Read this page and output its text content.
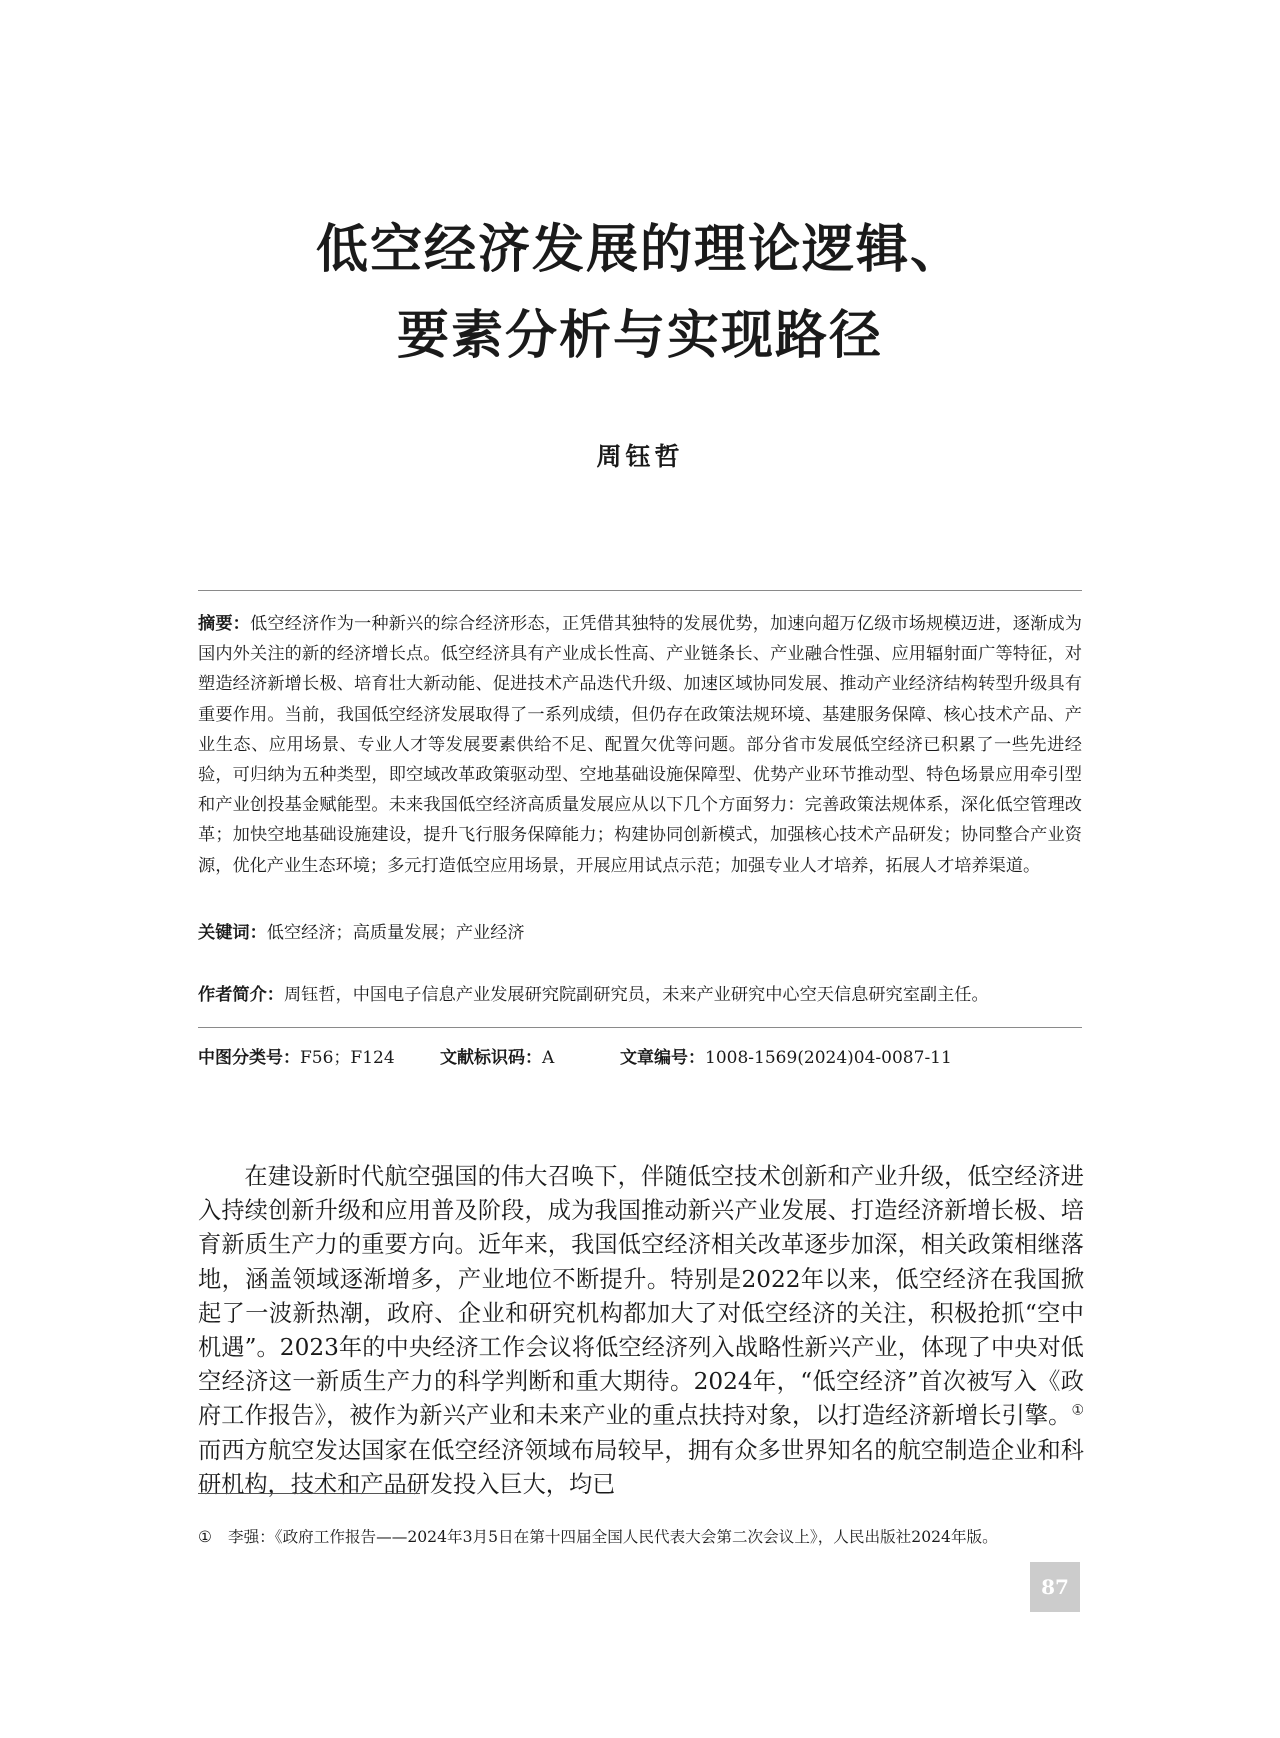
低空经济发展的理论逻辑、
要素分析与实现路径

周钰哲

摘要：低空经济作为一种新兴的综合经济形态，正凭借其独特的发展优势，加速向超万亿级市场规模迈进，逐渐成为国内外关注的新的经济增长点。低空经济具有产业成长性高、产业链条长、产业融合性强、应用辐射面广等特征，对塑造经济新增长极、培育壮大新动能、促进技术产品迭代升级、加速区域协同发展、推动产业经济结构转型升级具有重要作用。当前，我国低空经济发展取得了一系列成绩，但仍存在政策法规环境、基建服务保障、核心技术产品、产业生态、应用场景、专业人才等发展要素供给不足、配置欠优等问题。部分省市发展低空经济已积累了一些先进经验，可归纳为五种类型，即空域改革政策驱动型、空地基础设施保障型、优势产业环节推动型、特色场景应用牵引型和产业创投基金赋能型。未来我国低空经济高质量发展应从以下几个方面努力：完善政策法规体系，深化低空管理改革；加快空地基础设施建设，提升飞行服务保障能力；构建协同创新模式，加强核心技术产品研发；协同整合产业资源，优化产业生态环境；多元打造低空应用场景，开展应用试点示范；加强专业人才培养，拓展人才培养渠道。

关键词：低空经济；高质量发展；产业经济

作者简介：周钰哲，中国电子信息产业发展研究院副研究员，未来产业研究中心空天信息研究室副主任。

中图分类号：F56；F124	文献标识码：A	文章编号：1008-1569(2024)04-0087-11

在建设新时代航空强国的伟大召唤下，伴随低空技术创新和产业升级，低空经济进入持续创新升级和应用普及阶段，成为我国推动新兴产业发展、打造经济新增长极、培育新质生产力的重要方向。近年来，我国低空经济相关改革逐步加深，相关政策相继落地，涵盖领域逐渐增多，产业地位不断提升。特别是2022年以来，低空经济在我国掀起了一波新热潮，政府、企业和研究机构都加大了对低空经济的关注，积极抢抓“空中机遇”。2023年的中央经济工作会议将低空经济列入战略性新兴产业，体现了中央对低空经济这一新质生产力的科学判断和重大期待。2024年，“低空经济”首次被写入《政府工作报告》，被作为新兴产业和未来产业的重点扶持对象，以打造经济新增长引擎。① 而西方航空发达国家在低空经济领域布局较早，拥有众多世界知名的航空制造企业和科研机构，技术和产品研发投入巨大，均已

① 李强：《政府工作报告——2024年3月5日在第十四届全国人民代表大会第二次会议上》，人民出版社2024年版。

87
